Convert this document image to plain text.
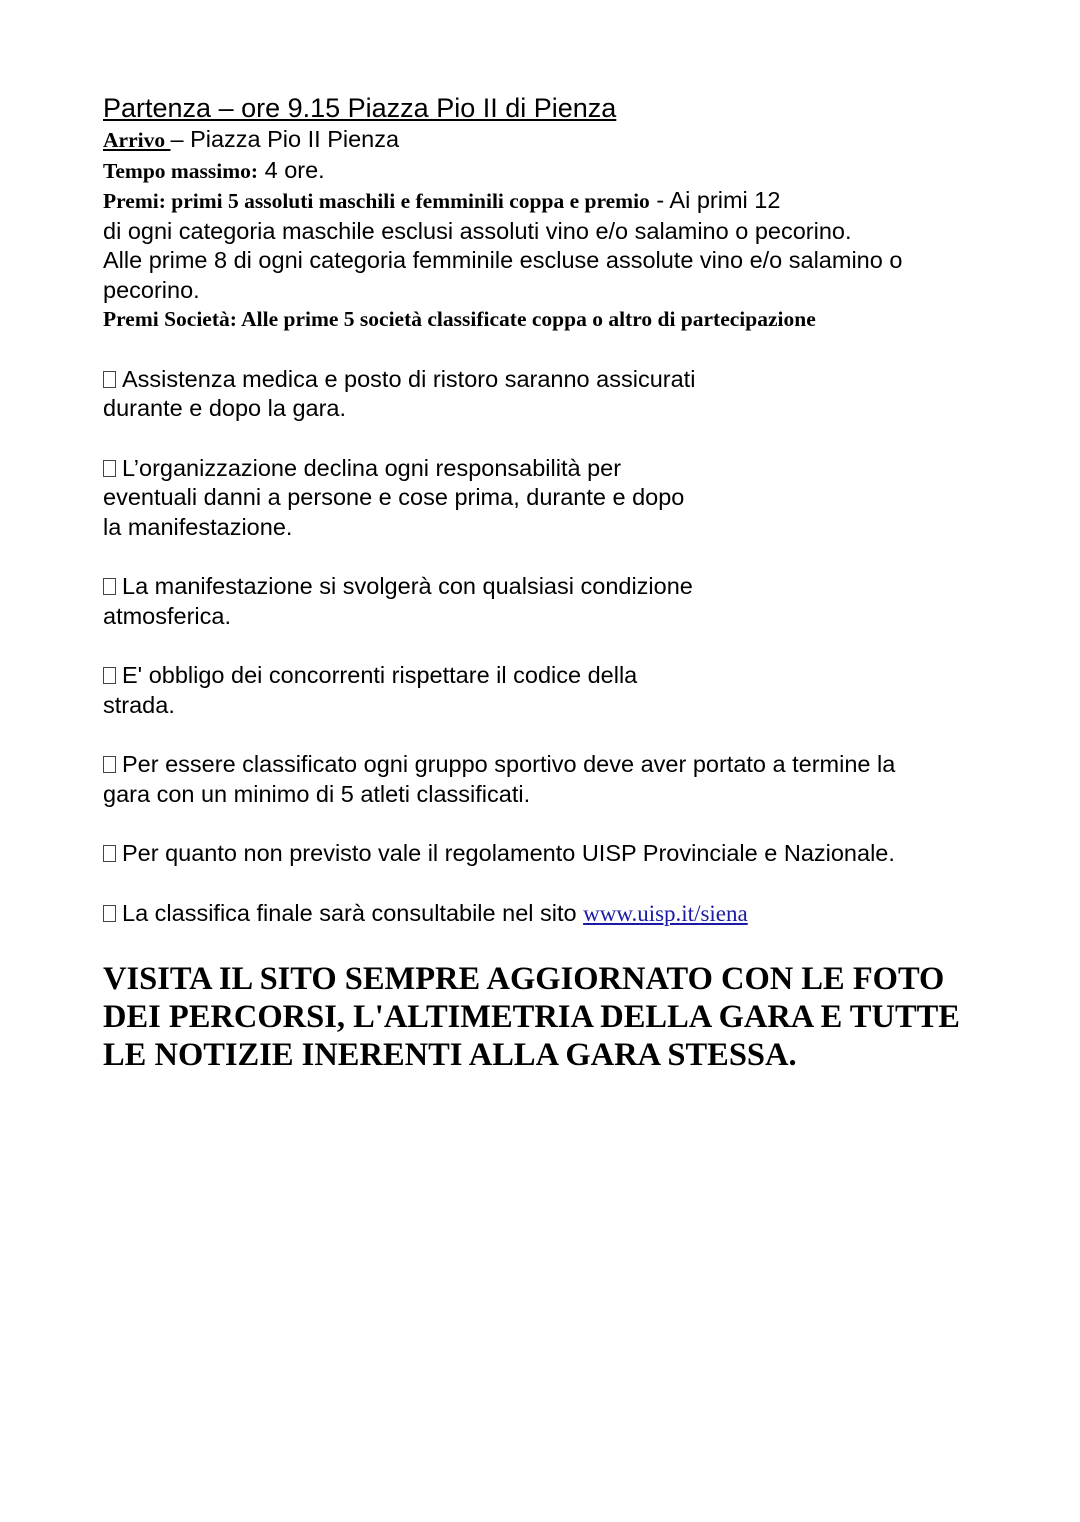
Partenza – ore 9.15 Piazza Pio II di Pienza

Arrivo – Piazza Pio II Pienza

Tempo massimo: 4 ore.

Premi: primi 5 assoluti maschili e femminili coppa e premio - Ai primi 12

di ogni categoria maschile esclusi assoluti vino e/o salamino o pecorino.

Alle prime 8 di ogni categoria femminile escluse assolute vino e/o salamino o

pecorino.

Premi Società: Alle prime 5 società classificate coppa o altro di partecipazione

Assistenza medica e posto di ristoro saranno assicurati

durante e dopo la gara.

L’organizzazione declina ogni responsabilità per

eventuali danni a persone e cose prima, durante e dopo

la manifestazione.

La manifestazione si svolgerà con qualsiasi condizione

atmosferica.

E' obbligo dei concorrenti rispettare il codice della

strada.

Per essere classificato ogni gruppo sportivo deve aver portato a termine la

gara con un minimo di 5 atleti classificati.

Per quanto non previsto vale il regolamento UISP Provinciale e Nazionale.

La classifica finale sarà consultabile nel sito www.uisp.it/siena

VISITA IL SITO SEMPRE AGGIORNATO CON LE FOTO

DEI PERCORSI, L'ALTIMETRIA DELLA GARA E TUTTE

LE NOTIZIE INERENTI ALLA GARA STESSA.
